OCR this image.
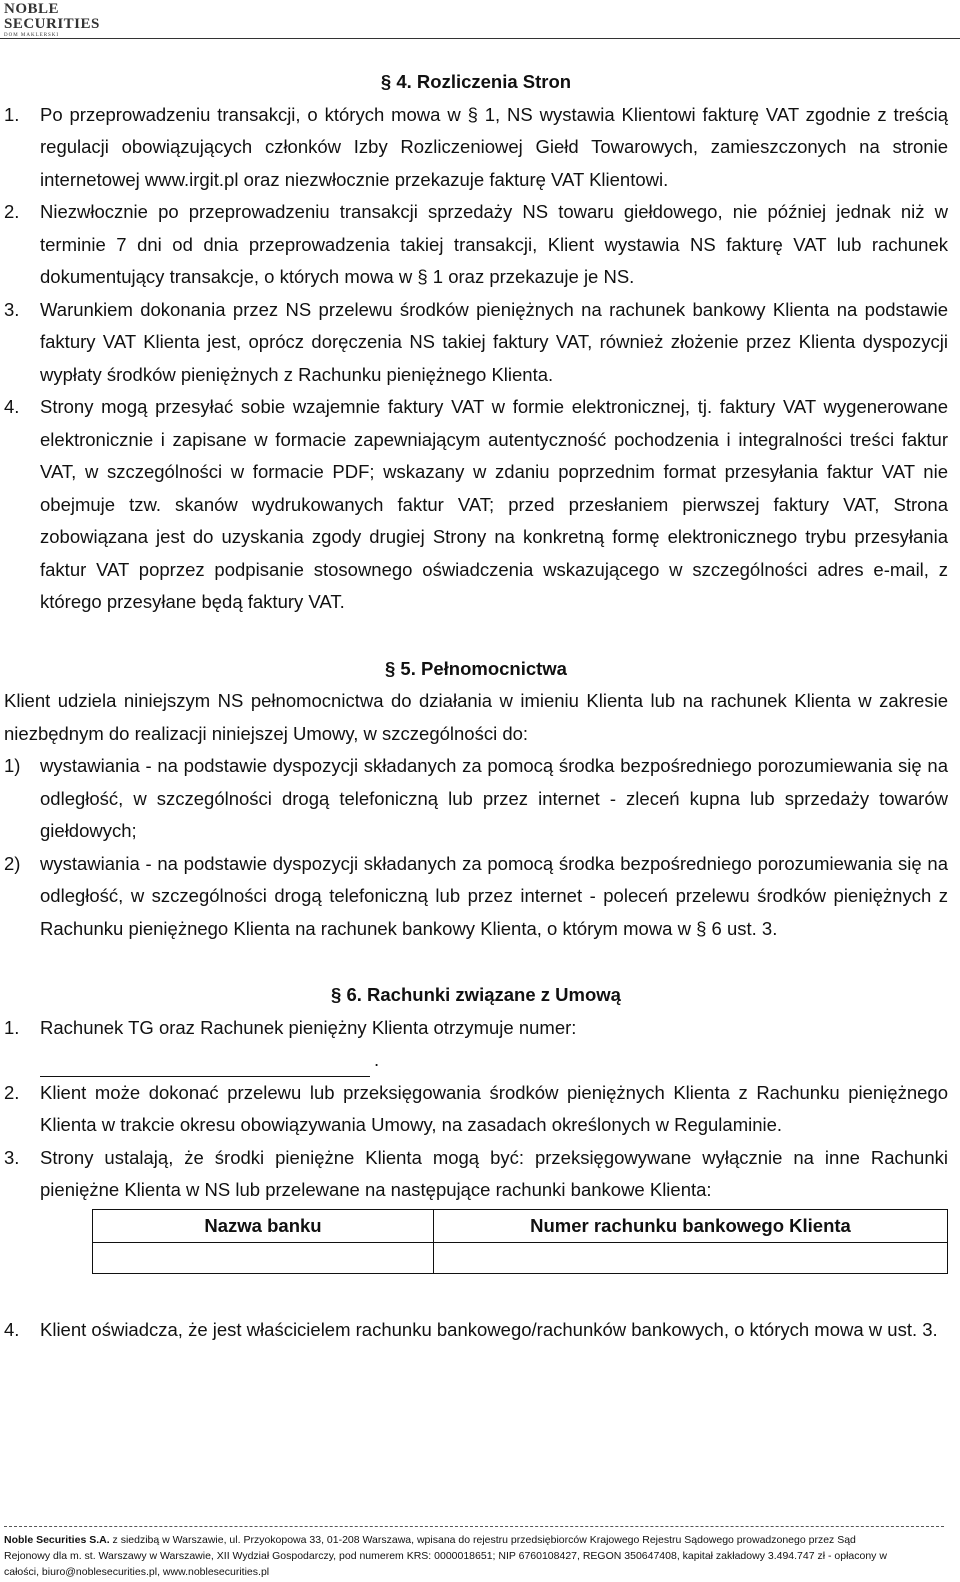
NOBLE
SECURITIES
DOM MAKLERSKI
§ 4. Rozliczenia Stron
1.	Po przeprowadzeniu transakcji, o których mowa w § 1, NS wystawia Klientowi fakturę VAT zgodnie z treścią regulacji obowiązujących członków Izby Rozliczeniowej Giełd Towarowych, zamieszczonych na stronie internetowej www.irgit.pl oraz niezwłocznie przekazuje fakturę VAT Klientowi.
2.	Niezwłocznie po przeprowadzeniu transakcji sprzedaży NS towaru giełdowego, nie później jednak niż w terminie 7 dni od dnia przeprowadzenia takiej transakcji, Klient wystawia NS fakturę VAT lub rachunek dokumentujący transakcje, o których mowa w § 1 oraz przekazuje je NS.
3.	Warunkiem dokonania przez NS przelewu środków pieniężnych na rachunek bankowy Klienta na podstawie faktury VAT Klienta jest, oprócz doręczenia NS takiej faktury VAT, również złożenie przez Klienta dyspozycji wypłaty środków pieniężnych z Rachunku pieniężnego Klienta.
4.	Strony mogą przesyłać sobie wzajemnie faktury VAT w formie elektronicznej, tj. faktury VAT wygenerowane elektronicznie i zapisane w formacie zapewniającym autentyczność pochodzenia i integralności treści faktur VAT, w szczególności w formacie PDF; wskazany w zdaniu poprzednim format przesyłania faktur VAT nie obejmuje tzw. skanów wydrukowanych faktur VAT; przed przesłaniem pierwszej faktury VAT, Strona zobowiązana jest do uzyskania zgody drugiej Strony na konkretną formę elektronicznego trybu przesyłania faktur VAT poprzez podpisanie stosownego oświadczenia wskazującego w szczególności adres e-mail, z którego przesyłane będą faktury VAT.
§ 5. Pełnomocnictwa
Klient udziela niniejszym NS pełnomocnictwa do działania w imieniu Klienta lub na rachunek Klienta w zakresie niezbędnym do realizacji niniejszej Umowy, w szczególności do:
1)	wystawiania - na podstawie dyspozycji składanych za pomocą środka bezpośredniego porozumiewania się na odległość, w szczególności drogą telefoniczną lub przez internet - zleceń kupna lub sprzedaży towarów giełdowych;
2)	wystawiania - na podstawie dyspozycji składanych za pomocą środka bezpośredniego porozumiewania się na odległość, w szczególności drogą telefoniczną lub przez internet - poleceń przelewu środków pieniężnych z Rachunku pieniężnego Klienta na rachunek bankowy Klienta, o którym mowa w § 6 ust. 3.
§ 6. Rachunki związane z Umową
1.	Rachunek TG oraz Rachunek pieniężny Klienta otrzymuje numer:
.
2.	Klient może dokonać przelewu lub przeksięgowania środków pieniężnych Klienta z Rachunku pieniężnego Klienta w trakcie okresu obowiązywania Umowy, na zasadach określonych w Regulaminie.
3.	Strony ustalają, że środki pieniężne Klienta mogą być: przeksięgowywane wyłącznie na inne Rachunki pieniężne Klienta w NS lub przelewane na następujące rachunki bankowe Klienta:
Nazwa banku	Numer rachunku bankowego Klienta

4.	Klient oświadcza, że jest właścicielem rachunku bankowego/rachunków bankowych, o których mowa w ust. 3.
Noble Securities S.A. z siedzibą w Warszawie, ul. Przyokopowa 33, 01-208 Warszawa, wpisana do rejestru przedsiębiorców Krajowego Rejestru Sądowego prowadzonego przez Sąd
Rejonowy dla m. st. Warszawy w Warszawie, XII Wydział Gospodarczy, pod numerem KRS: 0000018651; NIP 6760108427, REGON 350647408, kapitał zakładowy 3.494.747 zł - opłacony w
całości, biuro@noblesecurities.pl, www.noblesecurities.pl
